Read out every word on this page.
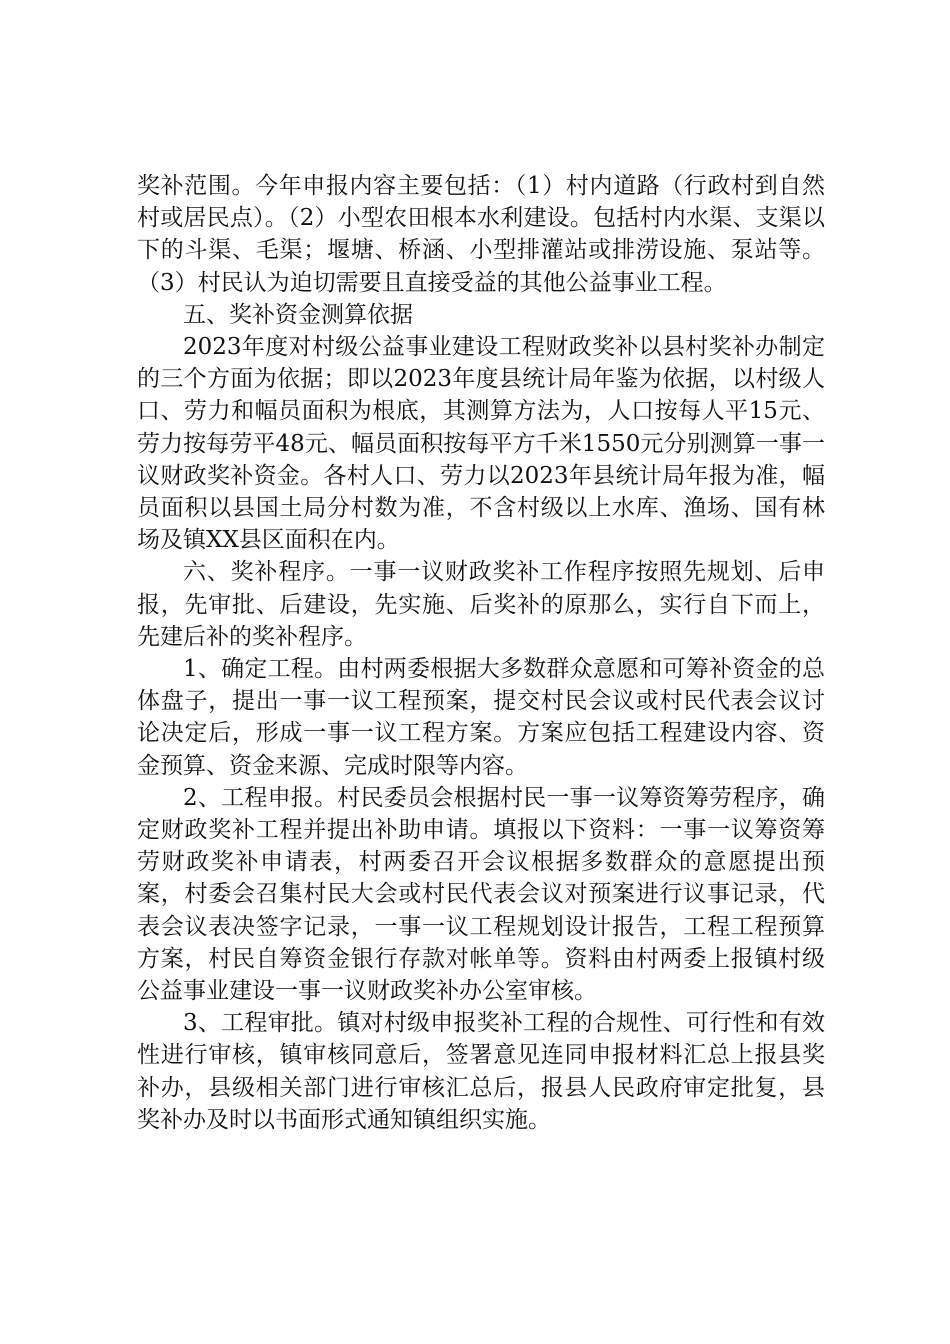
奖补范围。今年申报内容主要包括：（1）村内道路（行政村到自然村或居民点）。（2）小型农田根本水利建设。包括村内水渠、支渠以下的斗渠、毛渠；堰塘、桥涵、小型排灌站或排涝设施、泵站等。（3）村民认为迫切需要且直接受益的其他公益事业工程。

五、奖补资金测算依据

2023年度对村级公益事业建设工程财政奖补以县村奖补办制定的三个方面为依据；即以2023年度县统计局年鉴为依据，以村级人口、劳力和幅员面积为根底，其测算方法为，人口按每人平15元、劳力按每劳平48元、幅员面积按每平方千米1550元分别测算一事一议财政奖补资金。各村人口、劳力以2023年县统计局年报为准，幅员面积以县国土局分村数为准，不含村级以上水库、渔场、国有林场及镇XX县区面积在内。

六、奖补程序。一事一议财政奖补工作程序按照先规划、后申报，先审批、后建设，先实施、后奖补的原那么，实行自下而上，先建后补的奖补程序。

1、确定工程。由村两委根据大多数群众意愿和可筹补资金的总体盘子，提出一事一议工程预案，提交村民会议或村民代表会议讨论决定后，形成一事一议工程方案。方案应包括工程建设内容、资金预算、资金来源、完成时限等内容。

2、工程申报。村民委员会根据村民一事一议筹资筹劳程序，确定财政奖补工程并提出补助申请。填报以下资料：一事一议筹资筹劳财政奖补申请表，村两委召开会议根据多数群众的意愿提出预案，村委会召集村民大会或村民代表会议对预案进行议事记录，代表会议表决签字记录，一事一议工程规划设计报告，工程工程预算方案，村民自筹资金银行存款对帐单等。资料由村两委上报镇村级公益事业建设一事一议财政奖补办公室审核。

3、工程审批。镇对村级申报奖补工程的合规性、可行性和有效性进行审核，镇审核同意后，签署意见连同申报材料汇总上报县奖补办，县级相关部门进行审核汇总后，报县人民政府审定批复，县奖补办及时以书面形式通知镇组织实施。
